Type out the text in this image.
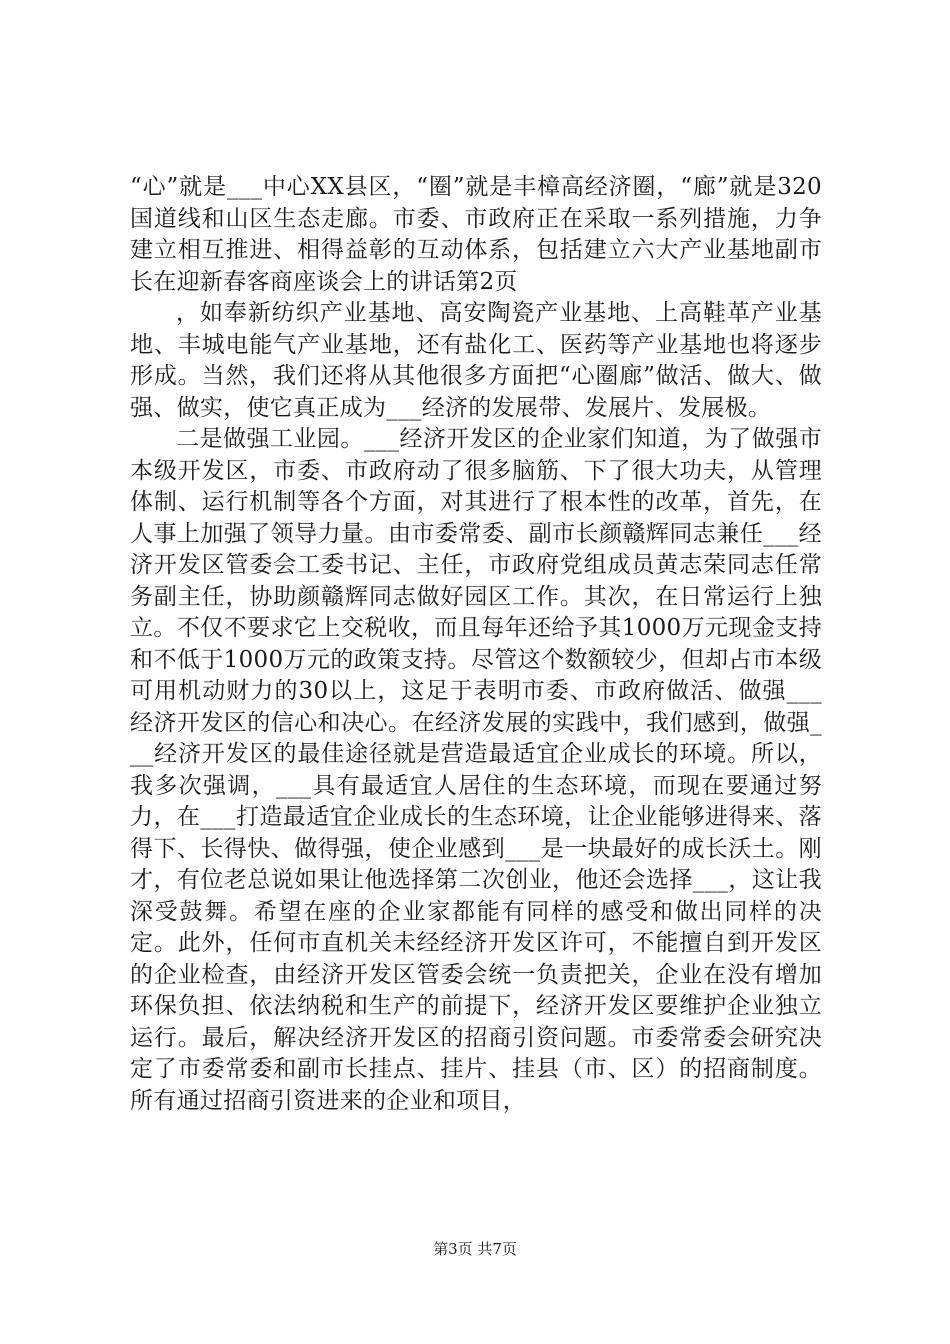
“心”就是___中心XX县区，“圈”就是丰樟高经济圈，“廊”就是320国道线和山区生态走廊。市委、市政府正在采取一系列措施，力争建立相互推进、相得益彰的互动体系，包括建立六大产业基地副市长在迎新春客商座谈会上的讲话第2页

，如奉新纺织产业基地、高安陶瓷产业基地、上高鞋革产业基地、丰城电能气产业基地，还有盐化工、医药等产业基地也将逐步形成。当然，我们还将从其他很多方面把“心圈廊”做活、做大、做强、做实，使它真正成为___经济的发展带、发展片、发展极。

二是做强工业园。___经济开发区的企业家们知道，为了做强市本级开发区，市委、市政府动了很多脑筋、下了很大功夫，从管理体制、运行机制等各个方面，对其进行了根本性的改革，首先，在人事上加强了领导力量。由市委常委、副市长颜赣辉同志兼任___经济开发区管委会工委书记、主任，市政府党组成员黄志荣同志任常务副主任，协助颜赣辉同志做好园区工作。其次，在日常运行上独立。不仅不要求它上交税收，而且每年还给予其1000万元现金支持和不低于1000万元的政策支持。尽管这个数额较少，但却占市本级可用机动财力的30以上，这足于表明市委、市政府做活、做强___经济开发区的信心和决心。在经济发展的实践中，我们感到，做强___经济开发区的最佳途径就是营造最适宜企业成长的环境。所以，我多次强调，___具有最适宜人居住的生态环境，而现在要通过努力，在___打造最适宜企业成长的生态环境，让企业能够进得来、落得下、长得快、做得强，使企业感到___是一块最好的成长沃土。刚才，有位老总说如果让他选择第二次创业，他还会选择___，这让我深受鼓舞。希望在座的企业家都能有同样的感受和做出同样的决定。此外，任何市直机关未经经济开发区许可，不能擅自到开发区的企业检查，由经济开发区管委会统一负责把关，企业在没有增加环保负担、依法纳税和生产的前提下，经济开发区要维护企业独立运行。最后，解决经济开发区的招商引资问题。市委常委会研究决定了市委常委和副市长挂点、挂片、挂县（市、区）的招商制度。所有通过招商引资进来的企业和项目，

第3页 共7页
